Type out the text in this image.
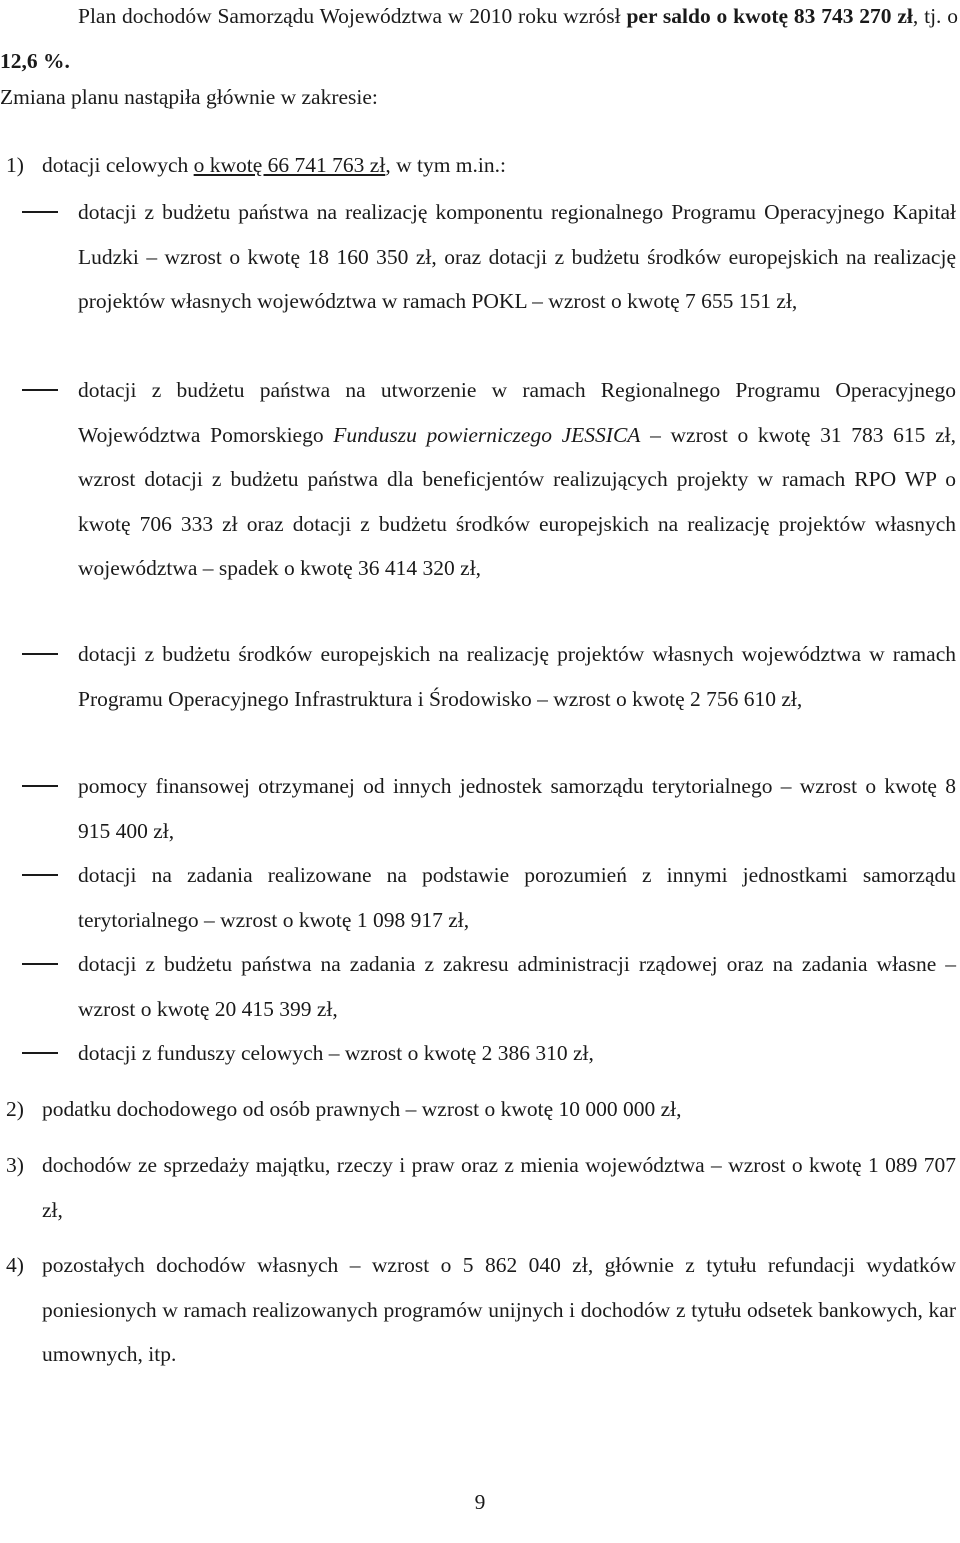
Plan dochodów Samorządu Województwa w 2010 roku wzrósł per saldo o kwotę 83 743 270 zł, tj. o 12,6 %.

Zmiana planu nastąpiła głównie w zakresie:

1) dotacji celowych o kwotę 66 741 763 zł, w tym m.in.:
dotacji z budżetu państwa na realizację komponentu regionalnego Programu Operacyjnego Kapitał Ludzki – wzrost o kwotę 18 160 350 zł, oraz dotacji z budżetu środków europejskich na realizację projektów własnych województwa w ramach POKL – wzrost o kwotę 7 655 151 zł,
dotacji z budżetu państwa na utworzenie w ramach Regionalnego Programu Operacyjnego Województwa Pomorskiego Funduszu powierniczego JESSICA – wzrost o kwotę 31 783 615 zł, wzrost dotacji z budżetu państwa dla beneficjentów realizujących projekty w ramach RPO WP o kwotę 706 333 zł oraz dotacji z budżetu środków europejskich na realizację projektów własnych województwa – spadek o kwotę 36 414 320 zł,
dotacji z budżetu środków europejskich na realizację projektów własnych województwa w ramach Programu Operacyjnego Infrastruktura i Środowisko – wzrost o kwotę 2 756 610 zł,
pomocy finansowej otrzymanej od innych jednostek samorządu terytorialnego – wzrost o kwotę 8 915 400 zł,
dotacji na zadania realizowane na podstawie porozumień z innymi jednostkami samorządu terytorialnego – wzrost o kwotę 1 098 917 zł,
dotacji z budżetu państwa na zadania z zakresu administracji rządowej oraz na zadania własne – wzrost o kwotę 20 415 399 zł,
dotacji z funduszy celowych – wzrost o kwotę 2 386 310 zł,
2) podatku dochodowego od osób prawnych – wzrost o kwotę 10 000 000 zł,
3) dochodów ze sprzedaży majątku, rzeczy i praw oraz z mienia województwa – wzrost o kwotę 1 089 707 zł,
4) pozostałych dochodów własnych – wzrost o 5 862 040 zł, głównie z tytułu refundacji wydatków poniesionych w ramach realizowanych programów unijnych i dochodów z tytułu odsetek bankowych, kar umownych, itp.
9
